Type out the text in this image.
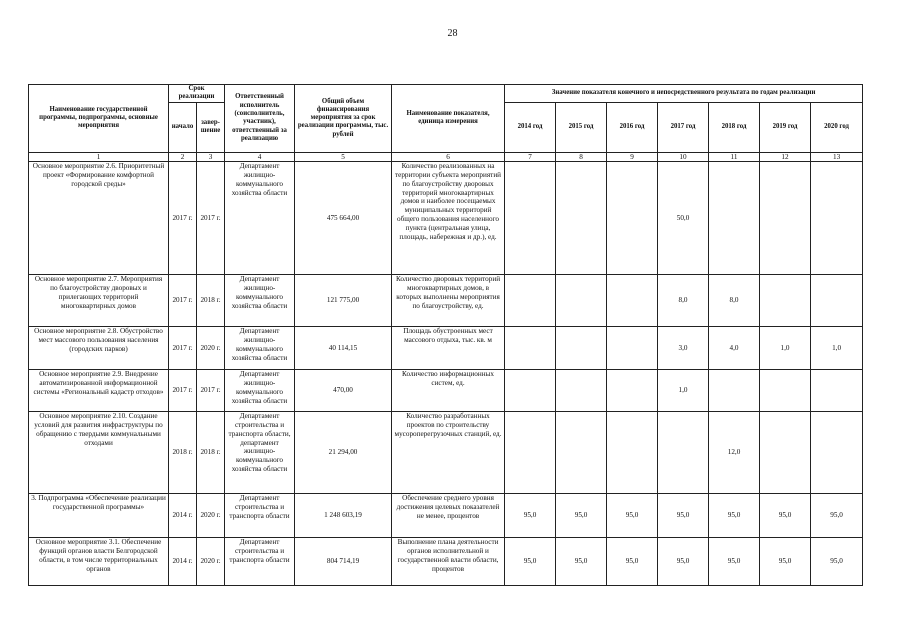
28
Наименование государственной программы, подпрограммы, основные мероприятия	Срок реализации		Ответственный исполнитель (соисполнитель, участник), ответственный за реализацию	Общий объем финансирования мероприятия за срок реализации программы, тыс. рублей	Наименование показателя, единица измерения	Значение показателя конечного и непосредственного результата по годам реализации						
	начало	завер-шение				2014 год	2015 год	2016 год	2017 год	2018 год	2019 год	2020 год
1	2	3	4	5	6	7	8	9	10	11	12	13
Основное мероприятие 2.6. Приоритетный проект «Формирование комфортной городской среды»	2017 г.	2017 г.	Департамент жилищно-коммунального хозяйства области	475 664,00	Количество реализованных на территории субъекта мероприятий по благоустройству дворовых территорий многоквартирных домов и наиболее посещаемых муниципальных территорий общего пользования населенного пункта (центральная улица, площадь, набережная и др.), ед.				50,0			
Основное мероприятие 2.7. Мероприятия по благоустройству дворовых и прилегающих территорий многоквартирных домов	2017 г.	2018 г.	Департамент жилищно-коммунального хозяйства области	121 775,00	Количество дворовых территорий многоквартирных домов, в которых выполнены мероприятия по благоустройству, ед.				8,0	8,0		
Основное мероприятие 2.8. Обустройство мест массового пользования населения (городских парков)	2017 г.	2020 г.	Департамент жилищно-коммунального хозяйства области	40 114,15	Площадь обустроенных мест массового отдыха, тыс. кв. м				3,0	4,0	1,0	1,0
Основное мероприятие 2.9. Внедрение автоматизированной информационной системы «Региональный кадастр отходов»	2017 г.	2017 г.	Департамент жилищно-коммунального хозяйства области	470,00	Количество информационных систем, ед.				1,0			
Основное мероприятие 2.10. Создание условий для развития инфраструктуры по обращению с твердыми коммунальными отходами	2018 г.	2018 г.	Департамент строительства и транспорта области, департамент жилищно-коммунального хозяйства области	21 294,00	Количество разработанных проектов по строительству мусороперегрузочных станций, ед.					12,0		
3. Подпрограмма «Обеспечение реализации государственной программы»	2014 г.	2020 г.	Департамент строительства и транспорта области	1 248 603,19	Обеспечение среднего уровня достижения целевых показателей не менее, процентов	95,0	95,0	95,0	95,0	95,0	95,0	95,0
Основное мероприятие 3.1. Обеспечение функций органов власти Белгородской области, в том числе территориальных органов	2014 г.	2020 г.	Департамент строительства и транспорта области	804 714,19	Выполнение плана деятельности органов исполнительной и государственной власти области, процентов	95,0	95,0	95,0	95,0	95,0	95,0	95,0
